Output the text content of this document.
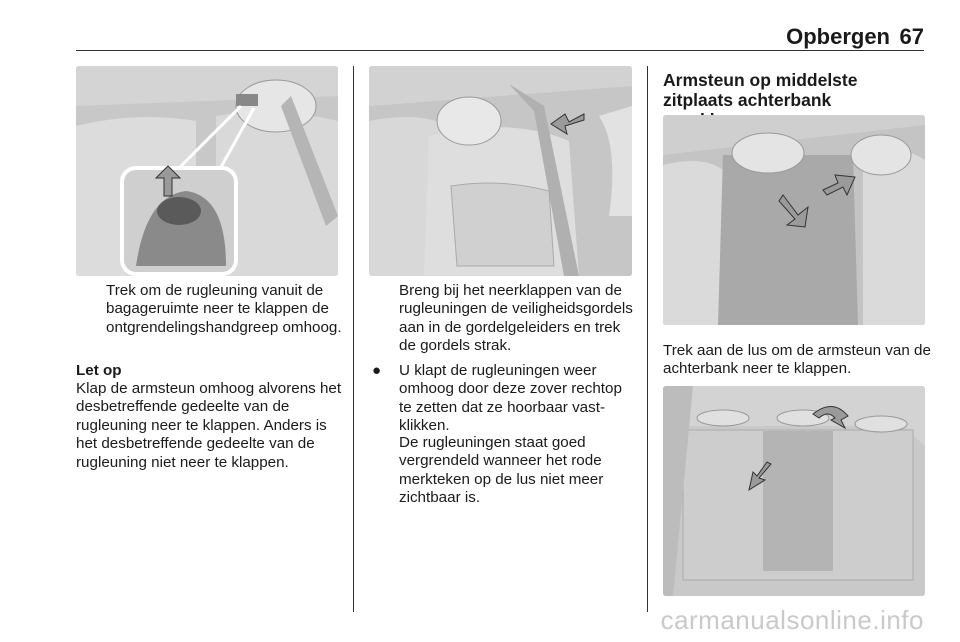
Opbergen 67

Trek om de rugleuning vanuit de bagageruimte neer te klappen de ontgrendelingshandgreep omhoog.

Let op

Klap de armsteun omhoog alvorens het desbetreffende gedeelte van de rugleuning neer te klappen. Anders is het desbetreffende gedeelte van de rugleuning niet neer te klappen.

Breng bij het neerklappen van de rugleuningen de veiligheidsgordels aan in de gordelgeleiders en trek de gordels strak.

● U klapt de rugleuningen weer omhoog door deze zover rechtop te zetten dat ze hoorbaar vastklikken.

De rugleuningen staat goed vergrendeld wanneer het rode merkteken op de lus niet meer zichtbaar is.

Armsteun op middelste zitplaats achterbank

Trek aan de lus om de armsteun van de achterbank neer te klappen.

carmanualsonline.info
